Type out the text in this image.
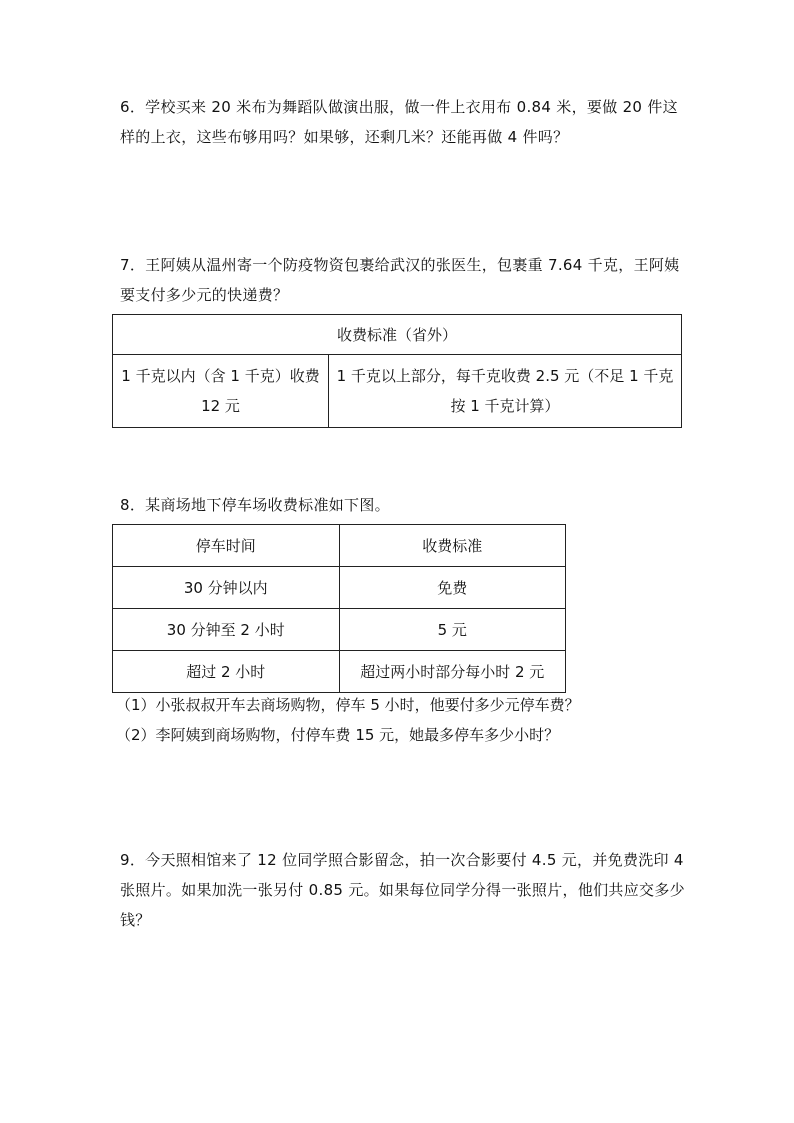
6．学校买来 20 米布为舞蹈队做演出服，做一件上衣用布 0.84 米，要做 20 件这样的上衣，这些布够用吗？如果够，还剩几米？还能再做 4 件吗？

7．王阿姨从温州寄一个防疫物资包裹给武汉的张医生，包裹重 7.64 千克，王阿姨要支付多少元的快递费？

收费标准（省外）
1 千克以内（含 1 千克）收费 12 元	1 千克以上部分，每千克收费 2.5 元（不足 1 千克按 1 千克计算）

8．某商场地下停车场收费标准如下图。

停车时间	收费标准
30 分钟以内	免费
30 分钟至 2 小时	5 元
超过 2 小时	超过两小时部分每小时 2 元

（1）小张叔叔开车去商场购物，停车 5 小时，他要付多少元停车费？

（2）李阿姨到商场购物，付停车费 15 元，她最多停车多少小时？

9．今天照相馆来了 12 位同学照合影留念，拍一次合影要付 4.5 元，并免费洗印 4 张照片。如果加洗一张另付 0.85 元。如果每位同学分得一张照片，他们共应交多少钱？
